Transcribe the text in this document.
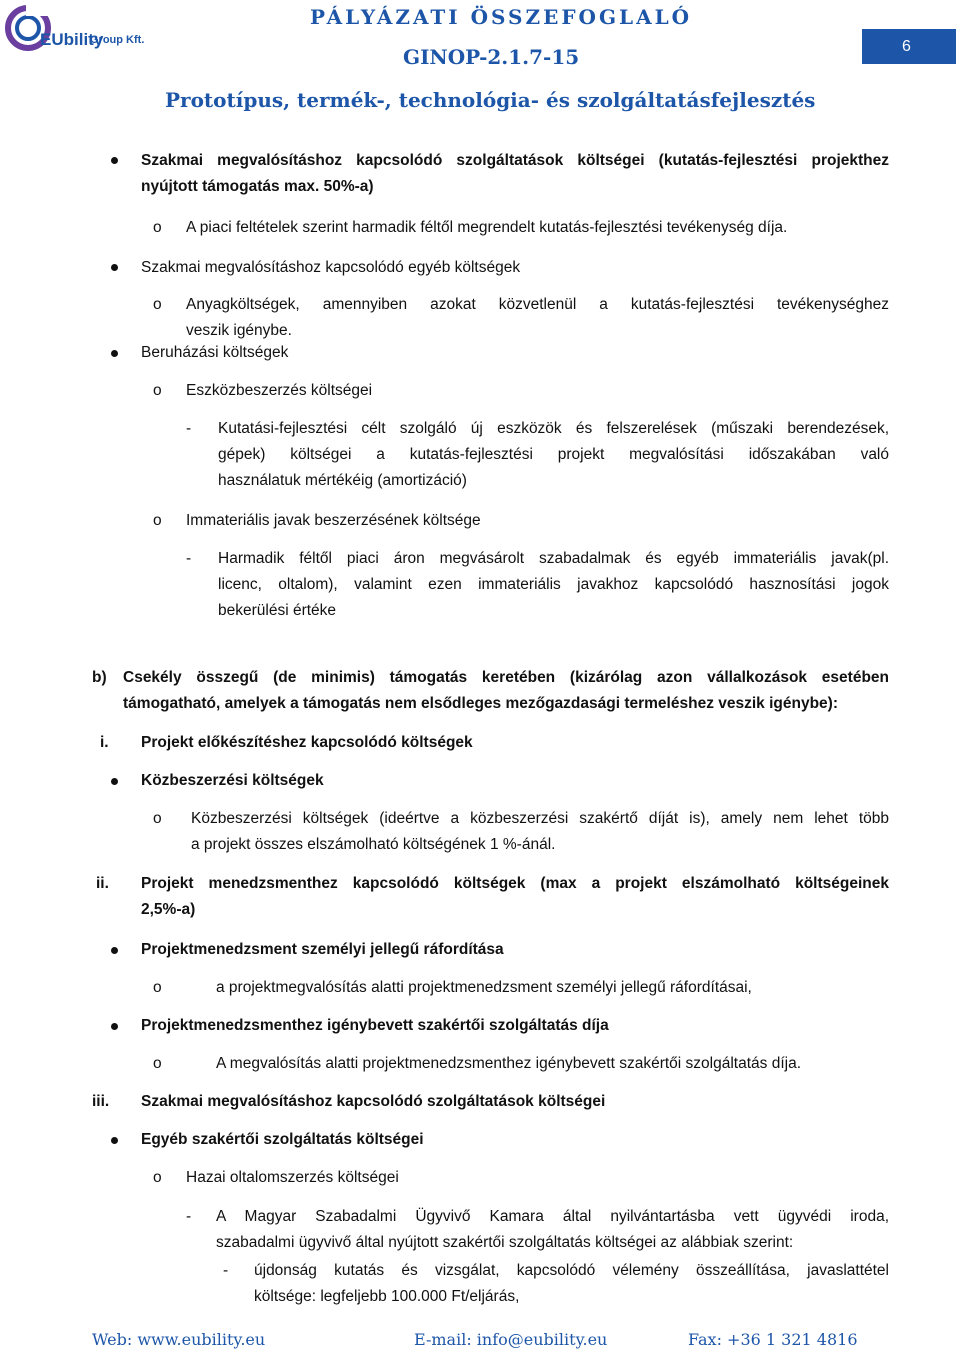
EUbility
Group Kft.
PÁLYÁZATI ÖSSZEFOGLALÓ
GINOP-2.1.7-15
Prototípus, termék-, technológia- és szolgáltatásfejlesztés
6
Szakmai megvalósításhoz kapcsolódó szolgáltatások költségei (kutatás-fejlesztési projekthez
nyújtott támogatás max. 50%-a)
o A piaci feltételek szerint harmadik féltől megrendelt kutatás-fejlesztési tevékenység díja.
Szakmai megvalósításhoz kapcsolódó egyéb költségek
o Anyagköltségek, amennyiben azokat közvetlenül a kutatás-fejlesztési tevékenységhez
veszik igénybe.
Beruházási költségek
o Eszközbeszerzés költségei
- Kutatási-fejlesztési célt szolgáló új eszközök és felszerelések (műszaki berendezések,
gépek) költségei a kutatás-fejlesztési projekt megvalósítási időszakában való
használatuk mértékéig (amortizáció)
o Immateriális javak beszerzésének költsége
- Harmadik féltől piaci áron megvásárolt szabadalmak és egyéb immateriális javak(pl.
licenc, oltalom), valamint ezen immateriális javakhoz kapcsolódó hasznosítási jogok
bekerülési értéke
b) Csekély összegű (de minimis) támogatás keretében (kizárólag azon vállalkozások esetében
támogatható, amelyek a támogatás nem elsődleges mezőgazdasági termeléshez veszik igénybe):
i. Projekt előkészítéshez kapcsolódó költségek
Közbeszerzési költségek
o Közbeszerzési költségek (ideértve a közbeszerzési szakértő díját is), amely nem lehet több
a projekt összes elszámolható költségének 1 %-ánál.
ii. Projekt menedzsmenthez kapcsolódó költségek (max a projekt elszámolható költségeinek
2,5%-a)
Projektmenedzsment személyi jellegű ráfordítása
o	a projektmegvalósítás alatti projektmenedzsment személyi jellegű ráfordításai,
Projektmenedzsmenthez igénybevett szakértői szolgáltatás díja
o	A megvalósítás alatti projektmenedzsmenthez igénybevett szakértői szolgáltatás díja.
iii. Szakmai megvalósításhoz kapcsolódó szolgáltatások költségei
Egyéb szakértői szolgáltatás költségei
o Hazai oltalomszerzés költségei
- A Magyar Szabadalmi Ügyvivő Kamara által nyilvántartásba vett ügyvédi iroda,
szabadalmi ügyvivő által nyújtott szakértői szolgáltatás költségei az alábbiak szerint:
- újdonság kutatás és vizsgálat, kapcsolódó vélemény összeállítása, javaslattétel
költsége: legfeljebb 100.000 Ft/eljárás,
Web: www.eubility.eu	E-mail: info@eubility.eu	Fax: +36 1 321 4816
